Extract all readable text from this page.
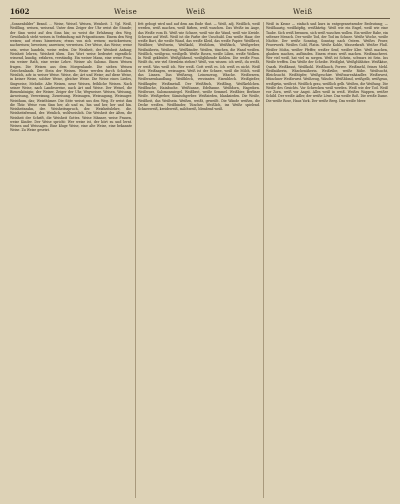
1602	Weise	Weiß	Weiß

„Sonnenbilder“ Brand. ... Weise, Weisel. Weisen, Weisheit. 1. Vgl. Weiß, Weißling, weisen, weisend. Unter dem Zeiger der Uhr weist die Stunde; der Sinn weist auf den Sinn hin; so weist die Erfahrung den Weg. Gewöhnlich steht weisen in Verbindung mit Präpositionen: Einem den Weg weisen; auf etwas hinweisen; etwas von sich weisen; zurückweisen; nachweisen; beweisen; anweisen; verweisen. Der Weise, das Weise; weise sein, weise handeln, weise reden. Die Weisheit, der Weisheit Anfang; Weisheit lehren, Weisheit üben. Das Wort weise bedeutet eigentlich: wissend, kundig, erfahren, verständig. Ein weiser Mann, eine weise Frau, ein weiser Rath, eine weise Lehre. Weiser als Salomo. Einen Weisen fragen. Die Weisen aus dem Morgenlande. Die sieben Weisen Griechenlands. Der Stein der Weisen. Weise werden durch Schaden. Weislich, adv. in weiser Weise. Weise, die; Art und Weise; auf diese Weise, in keiner Weise, solcher Weise, gleicher Weise. Die Weise eines Liedes, Singweise, Melodie. Alte Weisen, neue Weisen, fröhliche Weisen. Nach seiner Weise, nach Landesweise, nach Art und Weise. Der Weisel, die Bienenkönigin; der Weiser, Zeiger der Uhr, Wegweiser. Weisen, Weisung, Anweisung, Verweisung, Zuweisung. Weissagen, Weissagung, Weissager. Weisthum, das; Weisthümer. Die Sitte weisst uns den Weg. Er weist ihm die Thür. Weise vom Sinn her, ab und zu, hin und her, her und hin. Weisheitszahn, der. Weisheitsspruch, der. Weisheitslehre, die. Weisheitsfreund, der. Weislich, wohlweislich. Die Weisheit der Alten, die Weisheit der Schrift, die Weisheit Gottes. Weise Männer, weise Frauen, weise Kinder. Der Weise spricht: Wer weise ist, der hört zu und lernt. Weisen und Weissagen. Eine kluge Weise, eine alte Weise, eine bekannte Weise. Zu Weise gesetzt.

fett gebogt wird und auf dem am Ende thut. — Weiß, adj. Weißlich, weiß werden, weiß machen, weiß färben, weiß waschen. Das Weiße im Auge, das Weiße vom Ei. Weiß wie Schnee, weiß wie die Wand, weiß wie Kreide. Schwarz auf Weiß. Weiß ist die Farbe der Unschuld. Das weiße Haar, der weiße Bart, die weiße Wand, das weiße Kleid, das weiße Papier. Weißbrot, Weißbier, Weißwein, Weißkohl, Weißdorn, Weißfisch, Weißgerber, Weißnäherin, Weißzeug, Weißbinder. Weißen, tünchen, die Wand weißen. Weißlich, weißgrau, weißgelb. Weiße Rosen, weiße Lilien, weiße Wolken. In Weiß gekleidet. Weißglühend, weißglühende Kohlen. Die weiße Frau. Weißt du, wie viel Sternlein stehen? Weiß, von wissen: ich weiß, du weißt, er weiß. Was weiß ich. Wer weiß. Gott weiß es. Ich weiß es nicht. Weiß Gott. Weißsagen, weissagen. Weiß ist der Schnee, weiß die Milch, weiß das Linnen. Das Weißzeug, Leinenzeug, Wäsche. Weißwaren, Weißwarenhandlung. Weißblech, verzinntes Eisenblech. Weißgießer, Weißkupfer, Weißmetall. Der Weißfisch, Weißling, Weißkehlchen. Weißbuche, Hainbuche. Weißtanne, Edeltanne. Weißdorn, Hagedorn. Weißwurz, Salomonssiegel. Weißbrot, weiße Semmel. Weißbier, Berliner Weiße. Weißgerber, Sämischgerber. Weißsieden, blanksieden. Die Weiße, Weißheit, das Weißsein. Weißen, weißt, geweißt. Die Wände weißen, die Decke weißen. Weißbinder, Tüncher. Weißlich, ins Weiße spielend. Schneeweiß, kreideweiß, milchweiß, blendend weiß.

Weiß in Krone — einfach und kurz in entgegensetzender Bedeutung; — Weißhaarig, weißköpfig, weißbärtig. Weiß wie ein Engel, weiß wie eine Taube. Sich weiß brennen, sich weiß waschen wollen. Ein weißer Rabe, ein seltener Mensch. Der weiße Tod, der Tod im Schnee. Weiße Woche, weiße Nächte. Der weiße Sonntag, Sonntag nach Ostern. Weißes Feuer, Feuerwerk. Weißes Gold, Platin. Weiße Kohle, Wasserkraft. Weißer Fluß. Weißer Mohn, weißer Pfeffer, weißer Senf, weißer Klee. Weiß machen, glauben machen, aufbinden. Einem etwas weiß machen. Weißmacherei. Wer viel weiß, hat viel zu sorgen. Weiß ist Schein, schwarz ist Sein. Ins Weiße treffen. Das Weiße der Scheibe. Weißglut, Weißglühhitze. Weißkäse, Quark. Weißkraut, Weißkohl. Weißlauch, Porree. Weißmehl, feines Mehl. Weißnäherin, Wäschenäherin. Weißrübe, weiße Rübe. Weißsucht, Bleichsucht. Weißtöpfer, Weißgeschirr. Weißwarenhändler. Weißwurst, Münchner Weißwurst. Weißzeug, Wäsche. Weißblond, weißgelb, weißgrau, weißgrün, weißrot. Weißlich grau, weißlich gelb. Weißen, die Weißung. Die Weiße des Gesichts. Vor Schrecken weiß werden. Weiß wie der Tod. Weiß vor Zorn, weiß vor Angst. Alles weiß in weiß. Weißes Wappen, weißer Schild. Der weiße Adler, der weiße Löwe. Das weiße Roß. Die weiße Dame. Die weiße Rose, Haus York. Der weiße Berg. Das weiße Meer.
